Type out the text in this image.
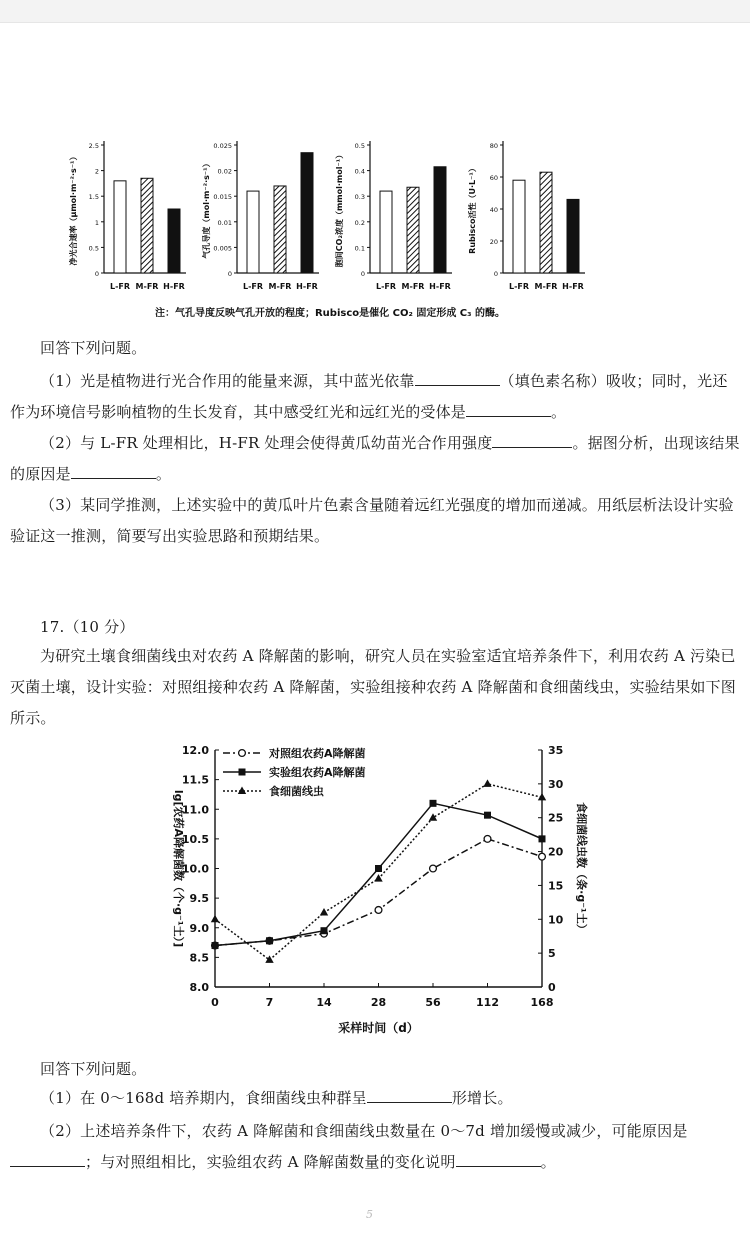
0
0.5
1
1.5
2
2.5
净光合速率（μmol·m⁻²·s⁻¹）
L-FR M-FR H-FR
0
0.005
0.01
0.015
0.02
0.025
气孔导度（mol·m⁻²·s⁻¹）
L-FR M-FR H-FR
0
0.1
0.2
0.3
0.4
0.5
胞间CO₂浓度（mmol·mol⁻¹）
L-FR M-FR H-FR
0
20
40
60
80
Rubisco活性（U·L⁻¹）
L-FR M-FR H-FR
注：气孔导度反映气孔开放的程度；Rubisco是催化 CO₂ 固定形成 C₃ 的酶。
回答下列问题。
（1）光是植物进行光合作用的能量来源，其中蓝光依靠	（填色素名称）吸收；同时，光还作为环境信号影响植物的生长发育，其中感受红光和远红光的受体是	。
（2）与 L-FR 处理相比，H-FR 处理会使得黄瓜幼苗光合作用强度	。据图分析，出现该结果的原因是	。
（3）某同学推测，上述实验中的黄瓜叶片色素含量随着远红光强度的增加而递减。用纸层析法设计实验验证这一推测，简要写出实验思路和预期结果。
17.（10 分）
为研究土壤食细菌线虫对农药 A 降解菌的影响，研究人员在实验室适宜培养条件下，利用农药 A 污染已灭菌土壤，设计实验：对照组接种农药 A 降解菌，实验组接种农药 A 降解菌和食细菌线虫，实验结果如下图所示。
8.0
8.5
9.0
9.5
10.0
10.5
11.0
11.5
12.0
0
5
10
15
20
25
30
35
0	7	14	28	56	112	168
采样时间（d）
lg[农药A降解菌数（个·g⁻¹土）]	食细菌线虫数（条·g⁻¹土）
对照组农药A降解菌
实验组农药A降解菌
食细菌线虫
回答下列问题。
（1）在 0～168d 培养期内，食细菌线虫种群呈	形增长。
（2）上述培养条件下，农药 A 降解菌和食细菌线虫数量在 0～7d 增加缓慢或减少，可能原因是；与对照组相比，实验组农药 A 降解菌数量的变化说明	。
5
